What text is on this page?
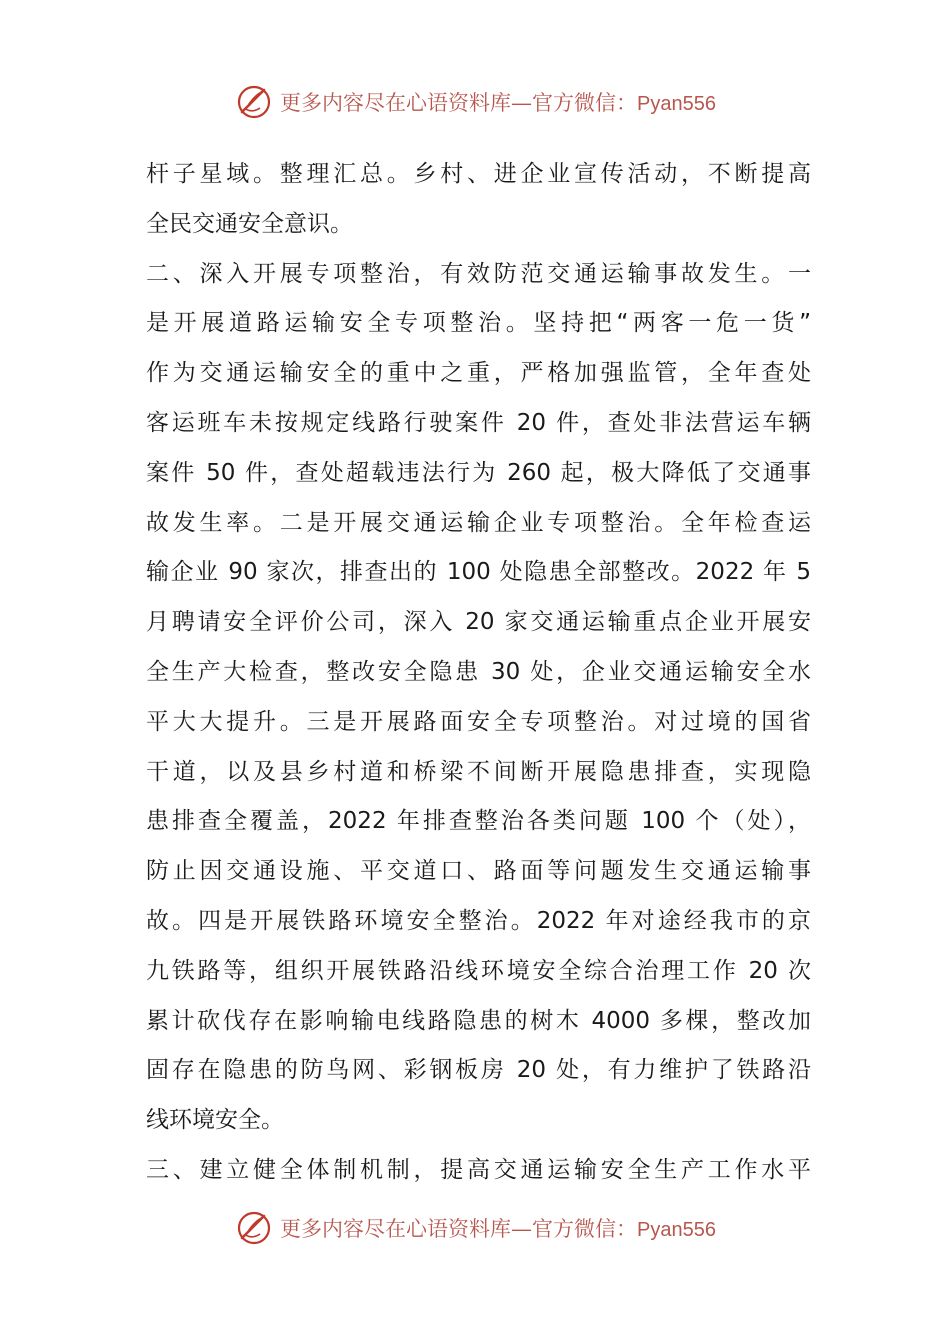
更多内容尽在心语资料库—官方微信：Pyan556
杆子星域。整理汇总。乡村、进企业宣传活动，不断提高
全民交通安全意识。
二、深入开展专项整治，有效防范交通运输事故发生。一
是开展道路运输安全专项整治。坚持把“两客一危一货”
作为交通运输安全的重中之重，严格加强监管，全年查处
客运班车未按规定线路行驶案件 20 件，查处非法营运车辆
案件 50 件，查处超载违法行为 260 起，极大降低了交通事
故发生率。二是开展交通运输企业专项整治。全年检查运
输企业 90 家次，排查出的 100 处隐患全部整改。2022 年 5
月聘请安全评价公司，深入 20 家交通运输重点企业开展安
全生产大检查，整改安全隐患 30 处，企业交通运输安全水
平大大提升。三是开展路面安全专项整治。对过境的国省
干道，以及县乡村道和桥梁不间断开展隐患排查，实现隐
患排查全覆盖，2022 年排查整治各类问题 100 个（处），
防止因交通设施、平交道口、路面等问题发生交通运输事
故。四是开展铁路环境安全整治。2022 年对途经我市的京
九铁路等，组织开展铁路沿线环境安全综合治理工作 20 次
累计砍伐存在影响输电线路隐患的树木 4000 多棵，整改加
固存在隐患的防鸟网、彩钢板房 20 处，有力维护了铁路沿
线环境安全。
三、建立健全体制机制，提高交通运输安全生产工作水平
更多内容尽在心语资料库—官方微信：Pyan556
